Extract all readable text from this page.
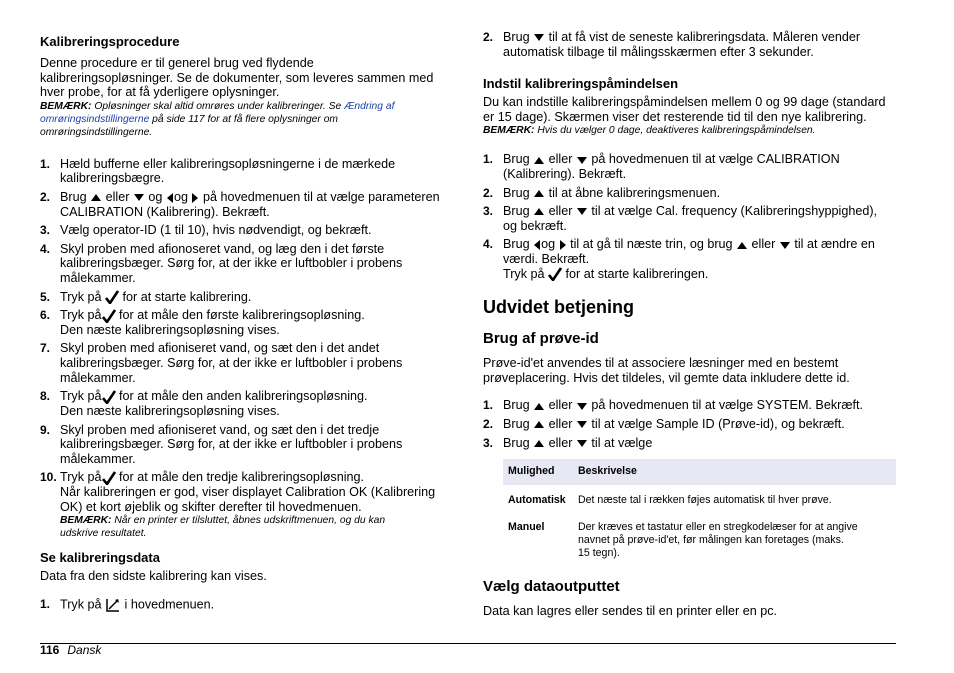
Kalibreringsprocedure

Denne procedure er til generel brug ved flydende

kalibreringsopløsninger. Se de dokumenter, som leveres sammen med

hver probe, for at få yderligere oplysninger.

BEMÆRK: Opløsninger skal altid omrøres under kalibreringer. Se Ændring af
omrøringsindstillingerne på side 117 for at få flere oplysninger om
omrøringsindstillingerne.

1. Hæld bufferne eller kalibreringsopløsningerne i de mærkede
kalibreringsbægre.
2. Brug eller og og på hovedmenuen til at vælge parameteren
CALIBRATION (Kalibrering). Bekræft.
3. Vælg operator-ID (1 til 10), hvis nødvendigt, og bekræft.
4. Skyl proben med afionoseret vand, og læg den i det første
kalibreringsbæger. Sørg for, at der ikke er luftbobler i probens
målekammer.
5. Tryk på for at starte kalibrering.
6. Tryk på for at måle den første kalibreringsopløsning.
Den næste kalibreringsopløsning vises.
7. Skyl proben med afioniseret vand, og sæt den i det andet
kalibreringsbæger. Sørg for, at der ikke er luftbobler i probens
målekammer.
8. Tryk på for at måle den anden kalibreringsopløsning.
Den næste kalibreringsopløsning vises.
9. Skyl proben med afioniseret vand, og sæt den i det tredje
kalibreringsbæger. Sørg for, at der ikke er luftbobler i probens
målekammer.
10. Tryk på for at måle den tredje kalibreringsopløsning.
Når kalibreringen er god, viser displayet Calibration OK (Kalibrering
OK) et kort øjeblik og skifter derefter til hovedmenuen.

BEMÆRK: Når en printer er tilsluttet, åbnes udskriftmenuen, og du kan
udskrive resultatet.

Se kalibreringsdata

Data fra den sidste kalibrering kan vises.

1. Tryk på i hovedmenuen.
2. Brug til at få vist de seneste kalibreringsdata. Måleren vender
automatisk tilbage til målingsskærmen efter 3 sekunder.

Indstil kalibreringspåmindelsen

Du kan indstille kalibreringspåmindelsen mellem 0 og 99 dage (standard

er 15 dage). Skærmen viser det resterende tid til den nye kalibrering.

BEMÆRK: Hvis du vælger 0 dage, deaktiveres kalibreringspåmindelsen.

1. Brug eller på hovedmenuen til at vælge CALIBRATION
(Kalibrering). Bekræft.
2. Brug til at åbne kalibreringsmenuen.
3. Brug eller til at vælge Cal. frequency (Kalibreringshyppighed),
og bekræft.
4. Brug og til at gå til næste trin, og brug eller til at ændre en
værdi. Bekræft.
Tryk på for at starte kalibreringen.

Udvidet betjening

Brug af prøve-id

Prøve-id'et anvendes til at associere læsninger med en bestemt

prøveplacering. Hvis det tildeles, vil gemte data inkludere dette id.

1. Brug eller på hovedmenuen til at vælge SYSTEM. Bekræft.
2. Brug eller til at vælge Sample ID (Prøve-id), og bekræft.
3. Brug eller til at vælge
Mulighed	Beskrivelse
Automatisk	Det næste tal i rækken føjes automatisk til hver prøve.
Manuel	Der kræves et tastatur eller en stregkodelæser for at angive
navnet på prøve-id'et, før målingen kan foretages (maks.
15 tegn).

Vælg dataoutputtet

Data kan lagres eller sendes til en printer eller en pc.

116 Dansk
